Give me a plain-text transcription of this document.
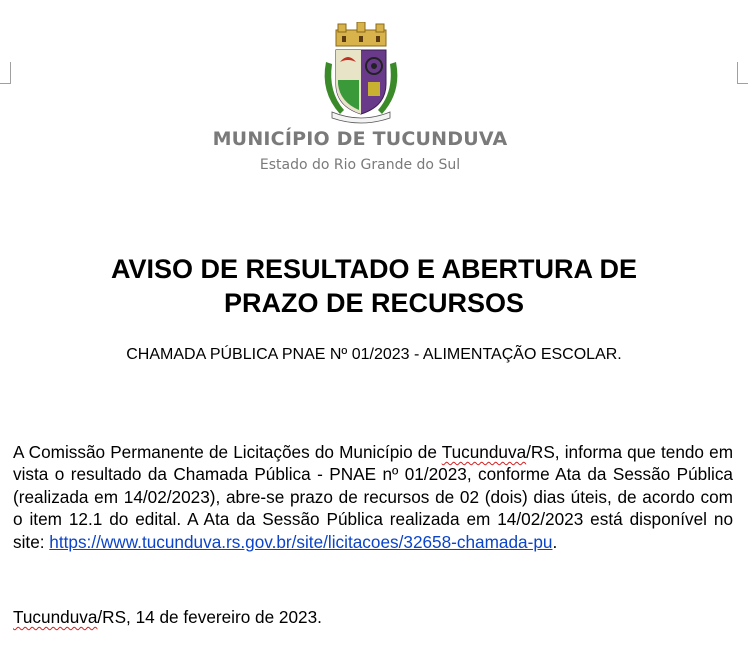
MUNICÍPIO DE TUCUNDUVA
Estado do Rio Grande do Sul
AVISO DE RESULTADO E ABERTURA DE
PRAZO DE RECURSOS
CHAMADA PÚBLICA PNAE Nº 01/2023 - ALIMENTAÇÃO ESCOLAR.
A Comissão Permanente de Licitações do Município de Tucunduva/RS, informa que tendo em vista o resultado da Chamada Pública - PNAE nº 01/2023, conforme Ata da Sessão Pública (realizada em 14/02/2023), abre-se prazo de recursos de 02 (dois) dias úteis, de acordo com o item 12.1 do edital. A Ata da Sessão Pública realizada em 14/02/2023 está disponível no site: https://www.tucunduva.rs.gov.br/site/licitacoes/32658-chamada-pu.
Tucunduva/RS, 14 de fevereiro de 2023.
